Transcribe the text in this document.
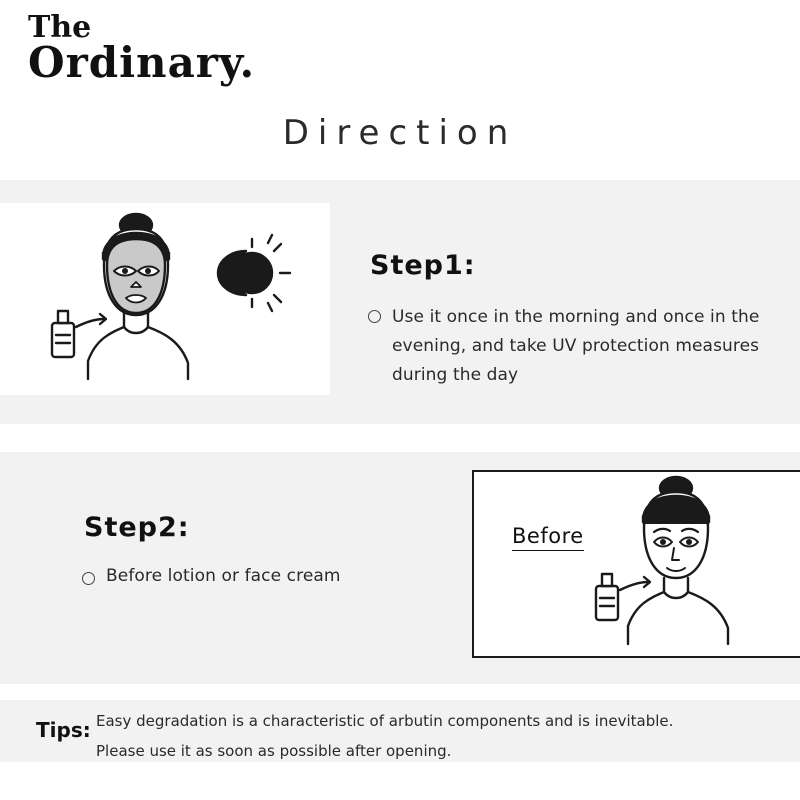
The
Ordinary.
Direction
Step1:
Use it once in the morning and once in the evening, and take UV protection measures during the day
Step2:
Before lotion or face cream
Before
Tips: Easy degradation is a characteristic of arbutin components and is inevitable.
Please use it as soon as possible after opening.
